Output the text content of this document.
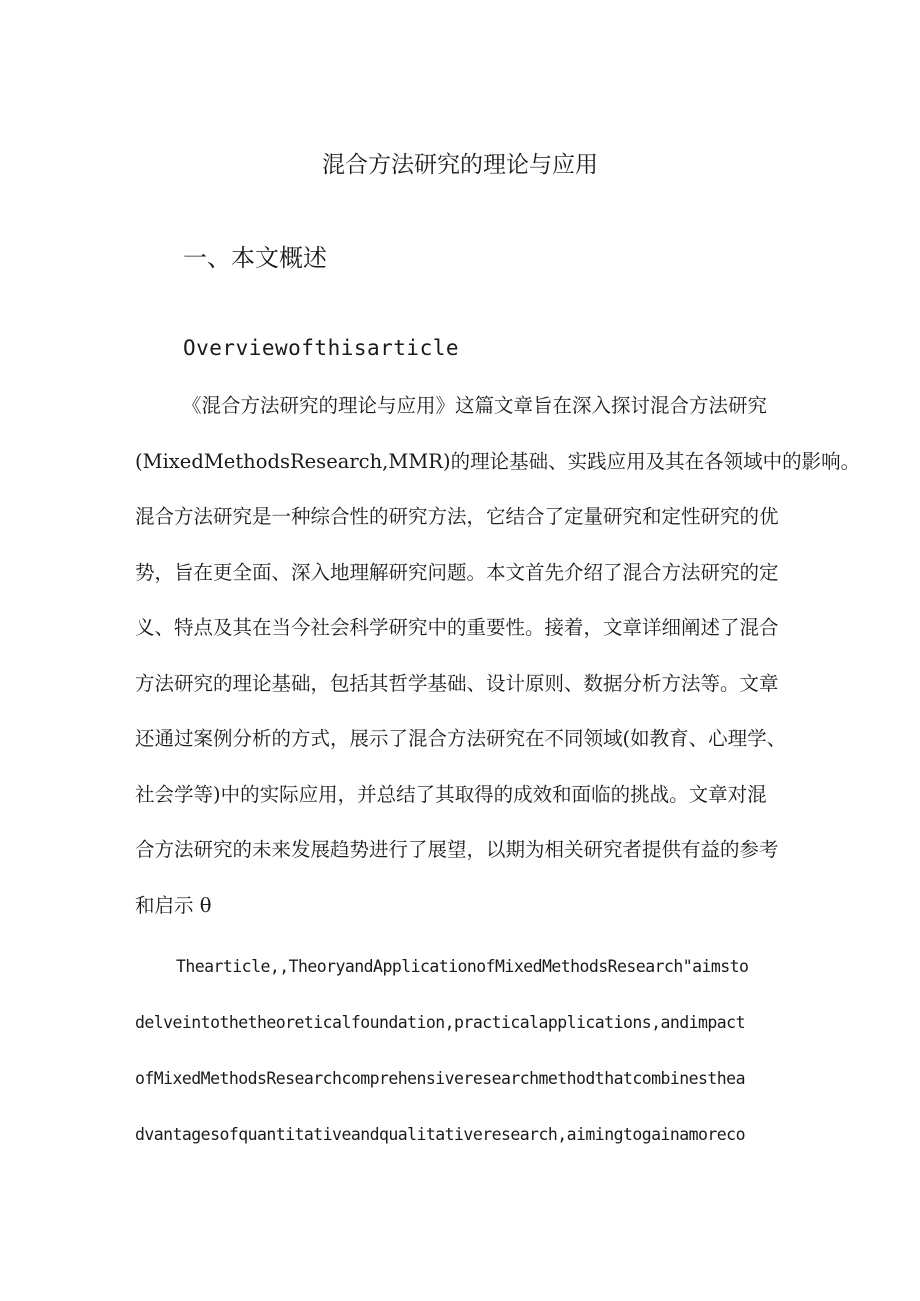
混合方法研究的理论与应用
一、本文概述
Overviewofthisarticle
《混合方法研究的理论与应用》这篇文章旨在深入探讨混合方法研究
(MixedMethodsResearch,MMR)的理论基础、实践应用及其在各领域中的影响。
混合方法研究是一种综合性的研究方法，它结合了定量研究和定性研究的优
势，旨在更全面、深入地理解研究问题。本文首先介绍了混合方法研究的定
义、特点及其在当今社会科学研究中的重要性。接着，文章详细阐述了混合
方法研究的理论基础，包括其哲学基础、设计原则、数据分析方法等。文章
还通过案例分析的方式，展示了混合方法研究在不同领域(如教育、心理学、
社会学等)中的实际应用，并总结了其取得的成效和面临的挑战。文章对混
合方法研究的未来发展趋势进行了展望，以期为相关研究者提供有益的参考
和启示 θ
Thearticle,,TheoryandApplicationofMixedMethodsResearch"aimsto
delveintothetheoreticalfoundation,practicalapplications,andimpact
ofMixedMethodsResearchcomprehensiveresearchmethodthatcombinesthea
dvantagesofquantitativeandqualitativeresearch,aimingtogainamoreco
